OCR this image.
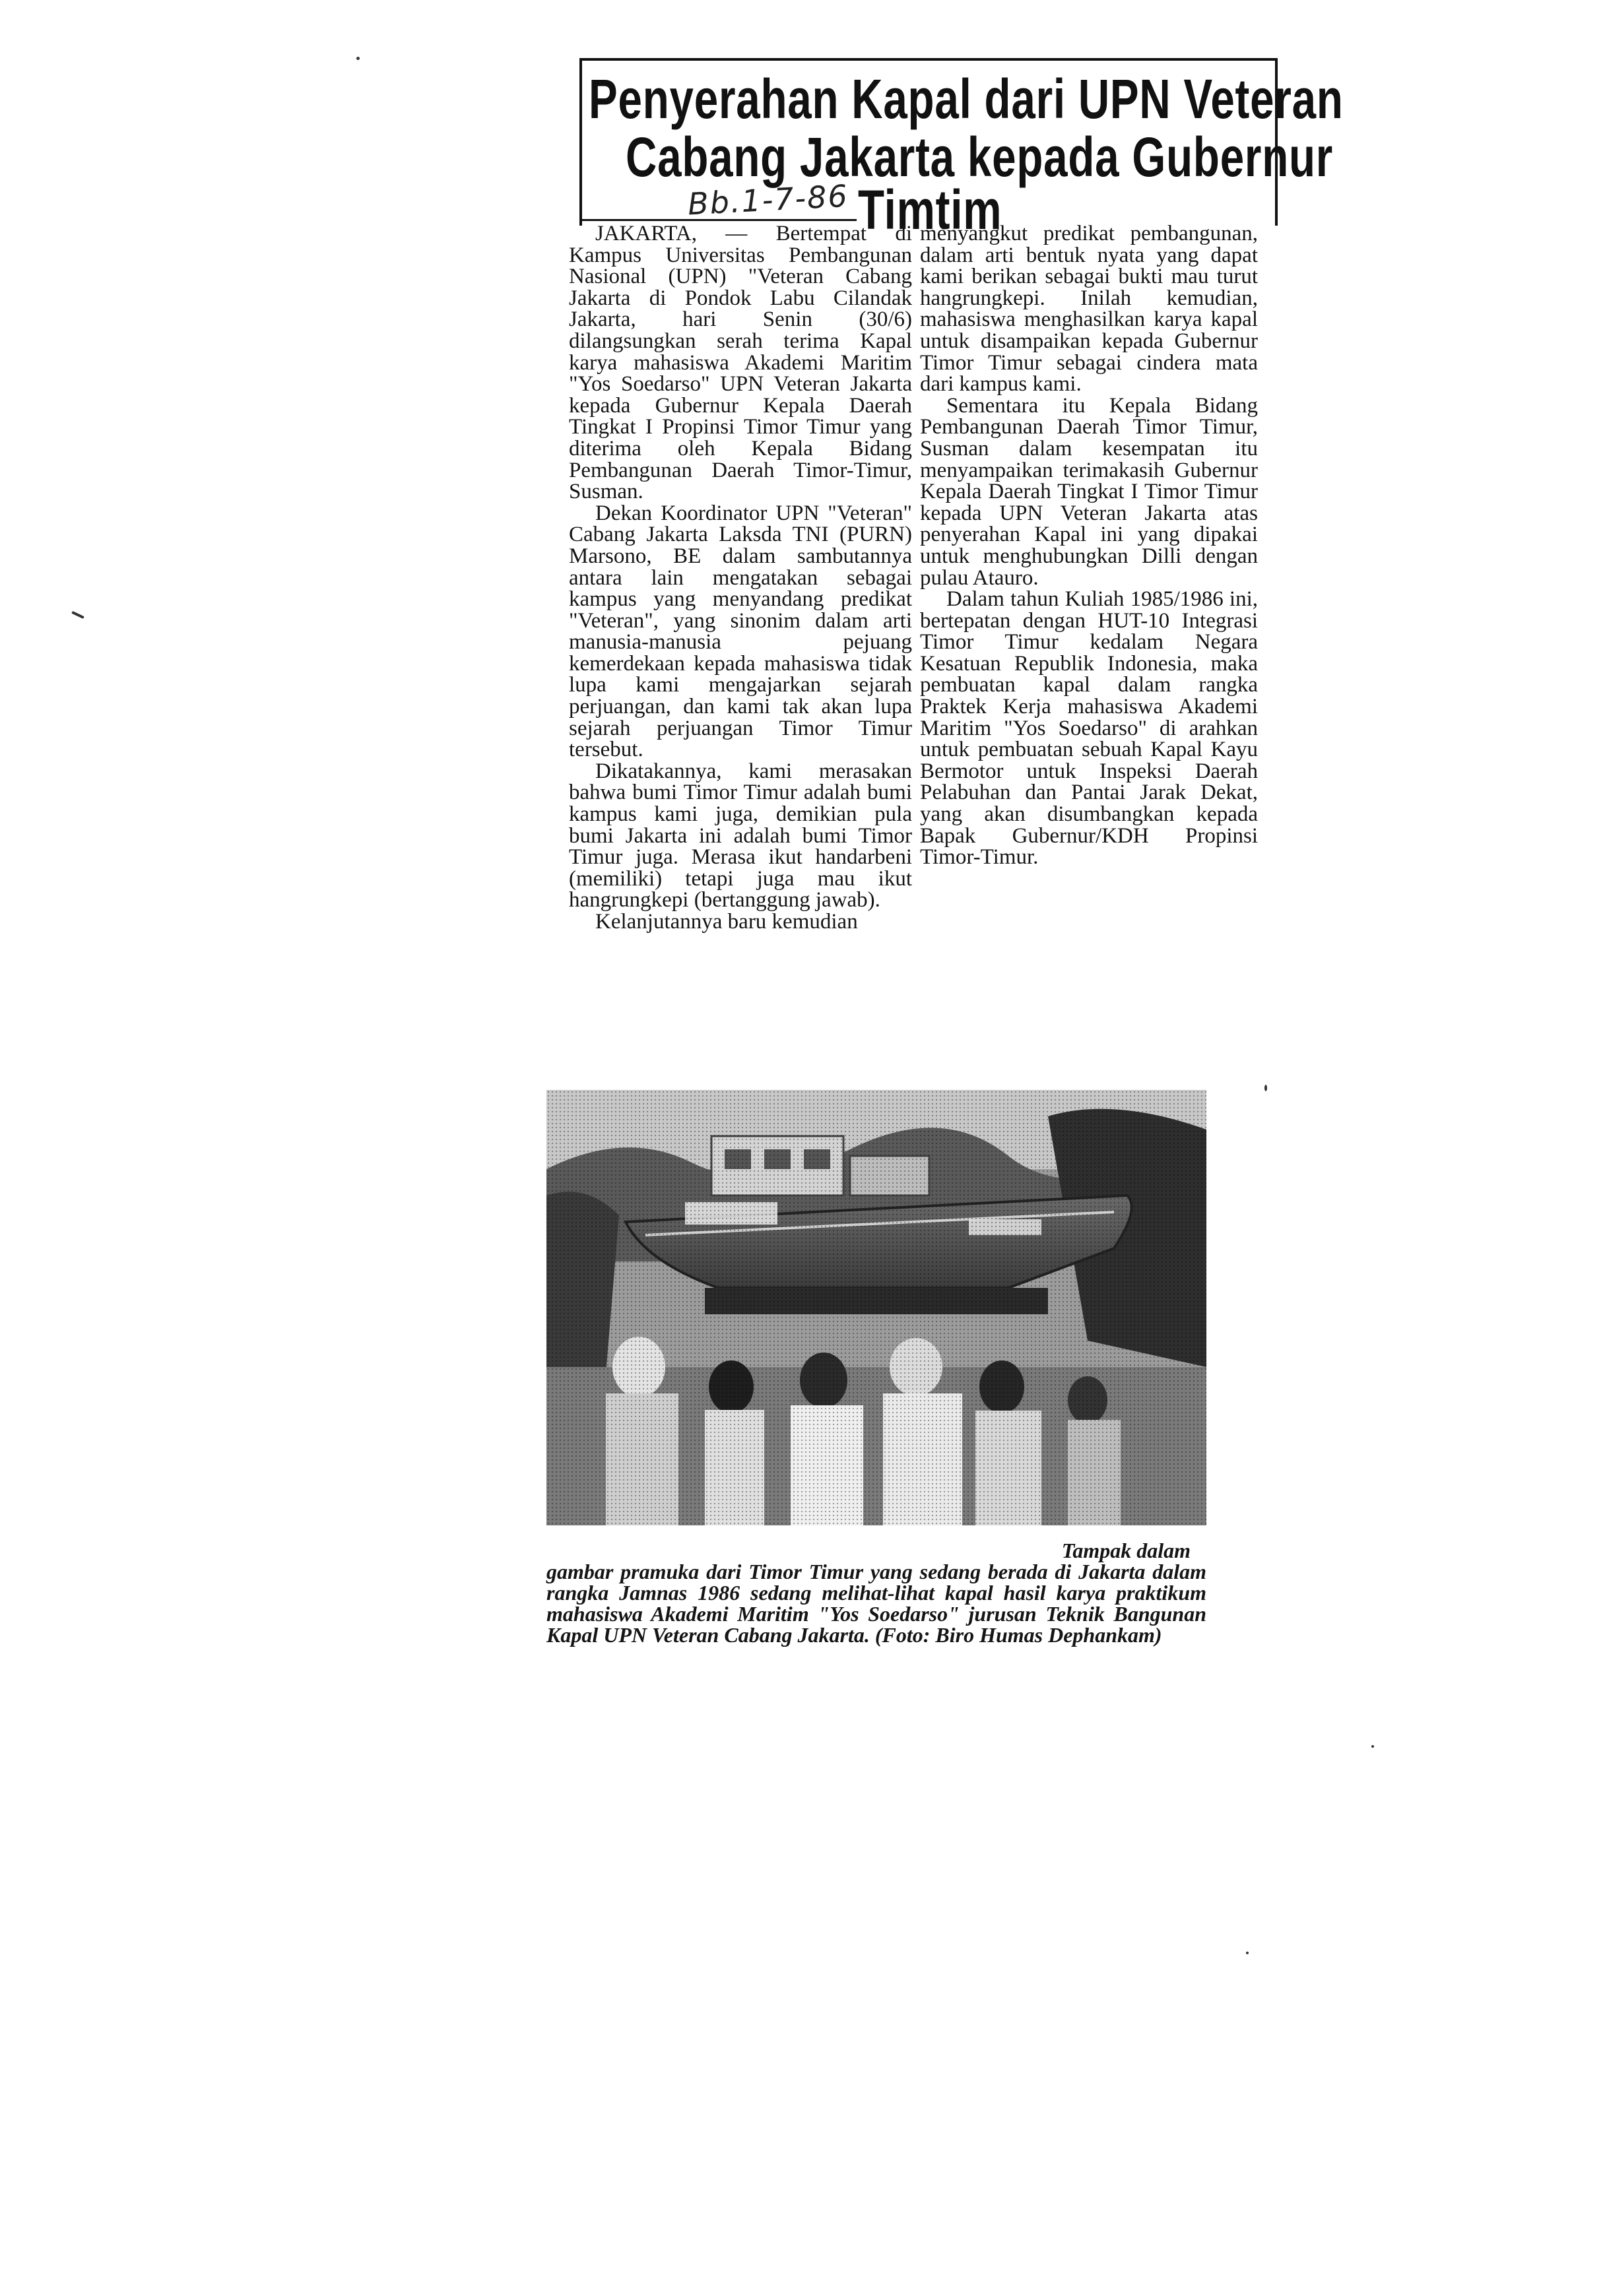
Penyerahan Kapal dari UPN Veteran
Cabang Jakarta kepada Gubernur
Timtim
Bb.1-7-86

JAKARTA, — Bertempat di Kampus Universitas Pembangunan Nasional (UPN) "Veteran Cabang Jakarta di Pondok Labu Cilandak Jakarta, hari Senin (30/6) dilangsungkan serah terima Kapal karya mahasiswa Akademi Maritim "Yos Soedarso" UPN Veteran Jakarta kepada Gubernur Kepala Daerah Tingkat I Propinsi Timor Timur yang diterima oleh Kepala Bidang Pembangunan Daerah Timor-Timur, Susman.

Dekan Koordinator UPN "Veteran" Cabang Jakarta Laksda TNI (PURN) Marsono, BE dalam sambutannya antara lain mengatakan sebagai kampus yang menyandang predikat "Veteran", yang sinonim dalam arti manusia-manusia pejuang kemerdekaan kepada mahasiswa tidak lupa kami mengajarkan sejarah perjuangan, dan kami tak akan lupa sejarah perjuangan Timor Timur tersebut.

Dikatakannya, kami merasakan bahwa bumi Timor Timur adalah bumi kampus kami juga, demikian pula bumi Jakarta ini adalah bumi Timor Timur juga. Merasa ikut handarbeni (memiliki) tetapi juga mau ikut hangrungkepi (bertanggung jawab).

Kelanjutannya baru kemudian

menyangkut predikat pembangunan, dalam arti bentuk nyata yang dapat kami berikan sebagai bukti mau turut hangrungkepi. Inilah kemudian, mahasiswa menghasilkan karya kapal untuk disampaikan kepada Gubernur Timor Timur sebagai cindera mata dari kampus kami.

Sementara itu Kepala Bidang Pembangunan Daerah Timor Timur, Susman dalam kesempatan itu menyampaikan terimakasih Gubernur Kepala Daerah Tingkat I Timor Timur kepada UPN Veteran Jakarta atas penyerahan Kapal ini yang dipakai untuk menghubungkan Dilli dengan pulau Atauro.

Dalam tahun Kuliah 1985/1986 ini, bertepatan dengan HUT-10 Integrasi Timor Timur kedalam Negara Kesatuan Republik Indonesia, maka pembuatan kapal dalam rangka Praktek Kerja mahasiswa Akademi Maritim "Yos Soedarso" di arahkan untuk pembuatan sebuah Kapal Kayu Bermotor untuk Inspeksi Daerah Pelabuhan dan Pantai Jarak Dekat, yang akan disumbangkan kepada Bapak Gubernur/KDH Propinsi Timor-Timur.

Tampak dalam
gambar pramuka dari Timor Timur yang sedang berada di Jakarta dalam rangka Jamnas 1986 sedang melihat-lihat kapal hasil karya praktikum mahasiswa Akademi Maritim "Yos Soedarso" jurusan Teknik Bangunan Kapal UPN Veteran Cabang Jakarta. (Foto: Biro Humas Dephankam)
